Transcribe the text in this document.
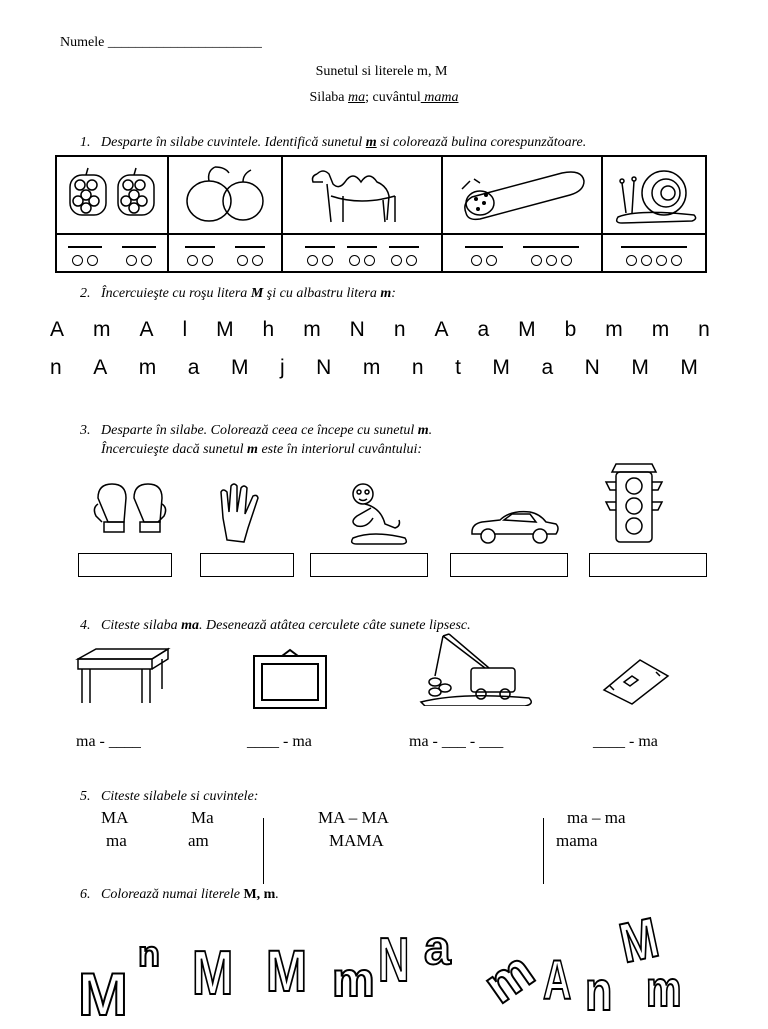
Numele ______________________
Sunetul si literele m, M
Silaba ma; cuvântul mama
1. Desparte în silabe cuvintele. Identifică sunetul m si colorează bulina corespunzătoare.

2. Încercuieşte cu roşu litera M şi cu albastru litera m:
A m A l M h m N n A a M b m m n
n A m a M j N m n t M a N M M
3. Desparte în silabe. Colorează ceea ce începe cu sunetul m.
Încercuieşte dacă sunetul m este în interiorul cuvântului:
4. Citeste silaba ma. Desenează atâtea cerculete câte sunete lipsesc.
ma - ____	____ - ma	ma - ___ - ___	____ - ma
5. Citeste silabele si cuvintele:
MA	Ma
ma	am
MA – MA
MAMA
ma – ma
mama
6. Colorează numai literele M, m.
M
n M M m N a m
A n
M
m
